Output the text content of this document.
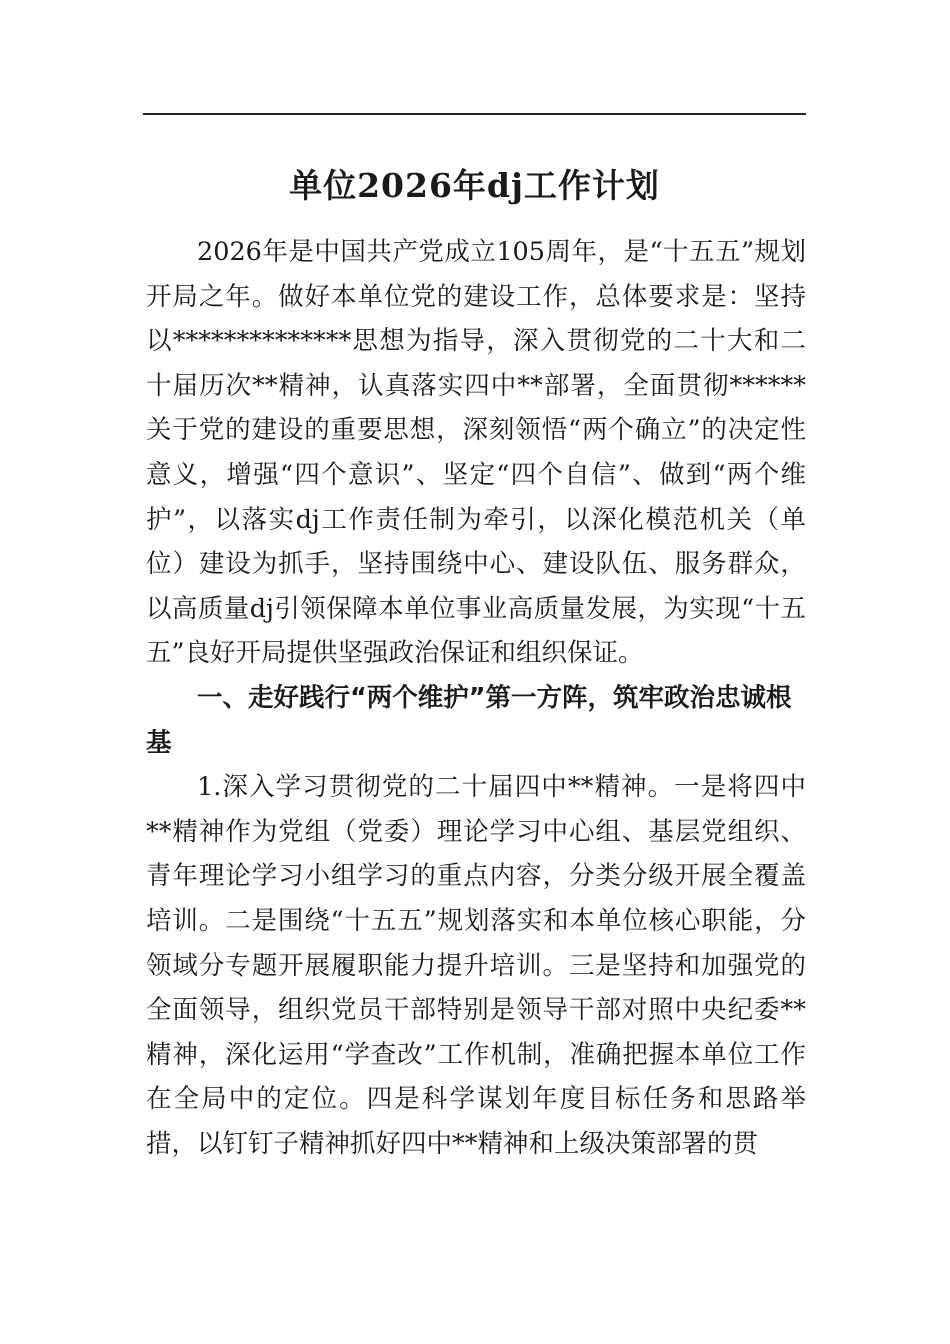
单位2026年dj工作计划

2026年是中国共产党成立105周年，是“十五五”规划开局之年。做好本单位党的建设工作，总体要求是：坚持以**************思想为指导，深入贯彻党的二十大和二十届历次**精神，认真落实四中**部署，全面贯彻******关于党的建设的重要思想，深刻领悟“两个确立”的决定性意义，增强“四个意识”、坚定“四个自信”、做到“两个维护”，以落实dj工作责任制为牵引，以深化模范机关（单位）建设为抓手，坚持围绕中心、建设队伍、服务群众，以高质量dj引领保障本单位事业高质量发展，为实现“十五五”良好开局提供坚强政治保证和组织保证。

一、走好践行“两个维护”第一方阵，筑牢政治忠诚根基

1.深入学习贯彻党的二十届四中**精神。一是将四中**精神作为党组（党委）理论学习中心组、基层党组织、青年理论学习小组学习的重点内容，分类分级开展全覆盖培训。二是围绕“十五五”规划落实和本单位核心职能，分领域分专题开展履职能力提升培训。三是坚持和加强党的全面领导，组织党员干部特别是领导干部对照中央纪委**精神，深化运用“学查改”工作机制，准确把握本单位工作在全局中的定位。四是科学谋划年度目标任务和思路举措，以钉钉子精神抓好四中**精神和上级决策部署的贯
